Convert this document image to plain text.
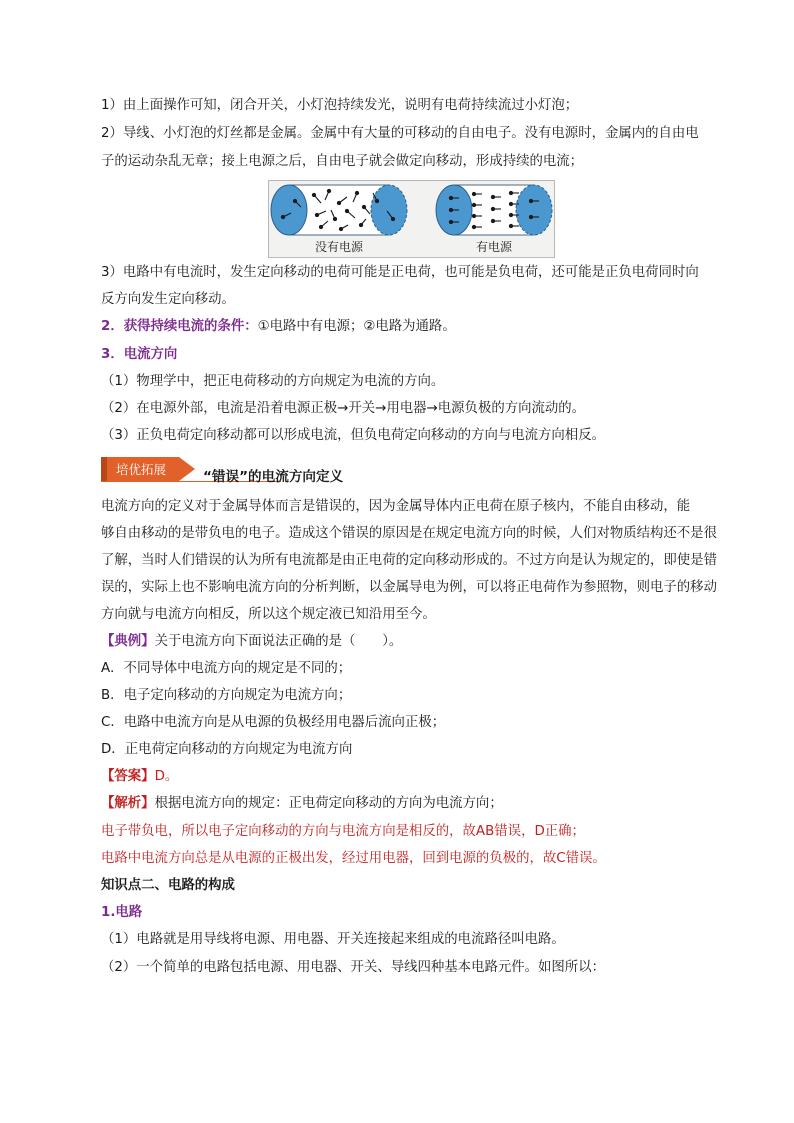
1）由上面操作可知，闭合开关，小灯泡持续发光，说明有电荷持续流过小灯泡；
2）导线、小灯泡的灯丝都是金属。金属中有大量的可移动的自由电子。没有电源时，金属内的自由电
子的运动杂乱无章；接上电源之后，自由电子就会做定向移动，形成持续的电流；
没有电源	有电源
3）电路中有电流时，发生定向移动的电荷可能是正电荷，也可能是负电荷，还可能是正负电荷同时向
反方向发生定向移动。
2．获得持续电流的条件：①电路中有电源；②电路为通路。
3．电流方向
（1）物理学中，把正电荷移动的方向规定为电流的方向。
（2）在电源外部，电流是沿着电源正极→开关→用电器→电源负极的方向流动的。
（3）正负电荷定向移动都可以形成电流，但负电荷定向移动的方向与电流方向相反。
培优拓展	“错误”的电流方向定义
电流方向的定义对于金属导体而言是错误的，因为金属导体内正电荷在原子核内，不能自由移动，能
够自由移动的是带负电的电子。造成这个错误的原因是在规定电流方向的时候，人们对物质结构还不是很
了解，当时人们错误的认为所有电流都是由正电荷的定向移动形成的。不过方向是认为规定的，即使是错
误的，实际上也不影响电流方向的分析判断，以金属导电为例，可以将正电荷作为参照物，则电子的移动
方向就与电流方向相反，所以这个规定液已知沿用至今。
【典例】关于电流方向下面说法正确的是（　　）。
A．不同导体中电流方向的规定是不同的；
B．电子定向移动的方向规定为电流方向；
C．电路中电流方向是从电源的负极经用电器后流向正极；
D．正电荷定向移动的方向规定为电流方向
【答案】D。
【解析】根据电流方向的规定：正电荷定向移动的方向为电流方向；
电子带负电，所以电子定向移动的方向与电流方向是相反的，故AB错误，D正确；
电路中电流方向总是从电源的正极出发，经过用电器，回到电源的负极的，故C错误。
知识点二、电路的构成
1.电路
（1）电路就是用导线将电源、用电器、开关连接起来组成的电流路径叫电路。
（2）一个简单的电路包括电源、用电器、开关、导线四种基本电路元件。如图所以：
